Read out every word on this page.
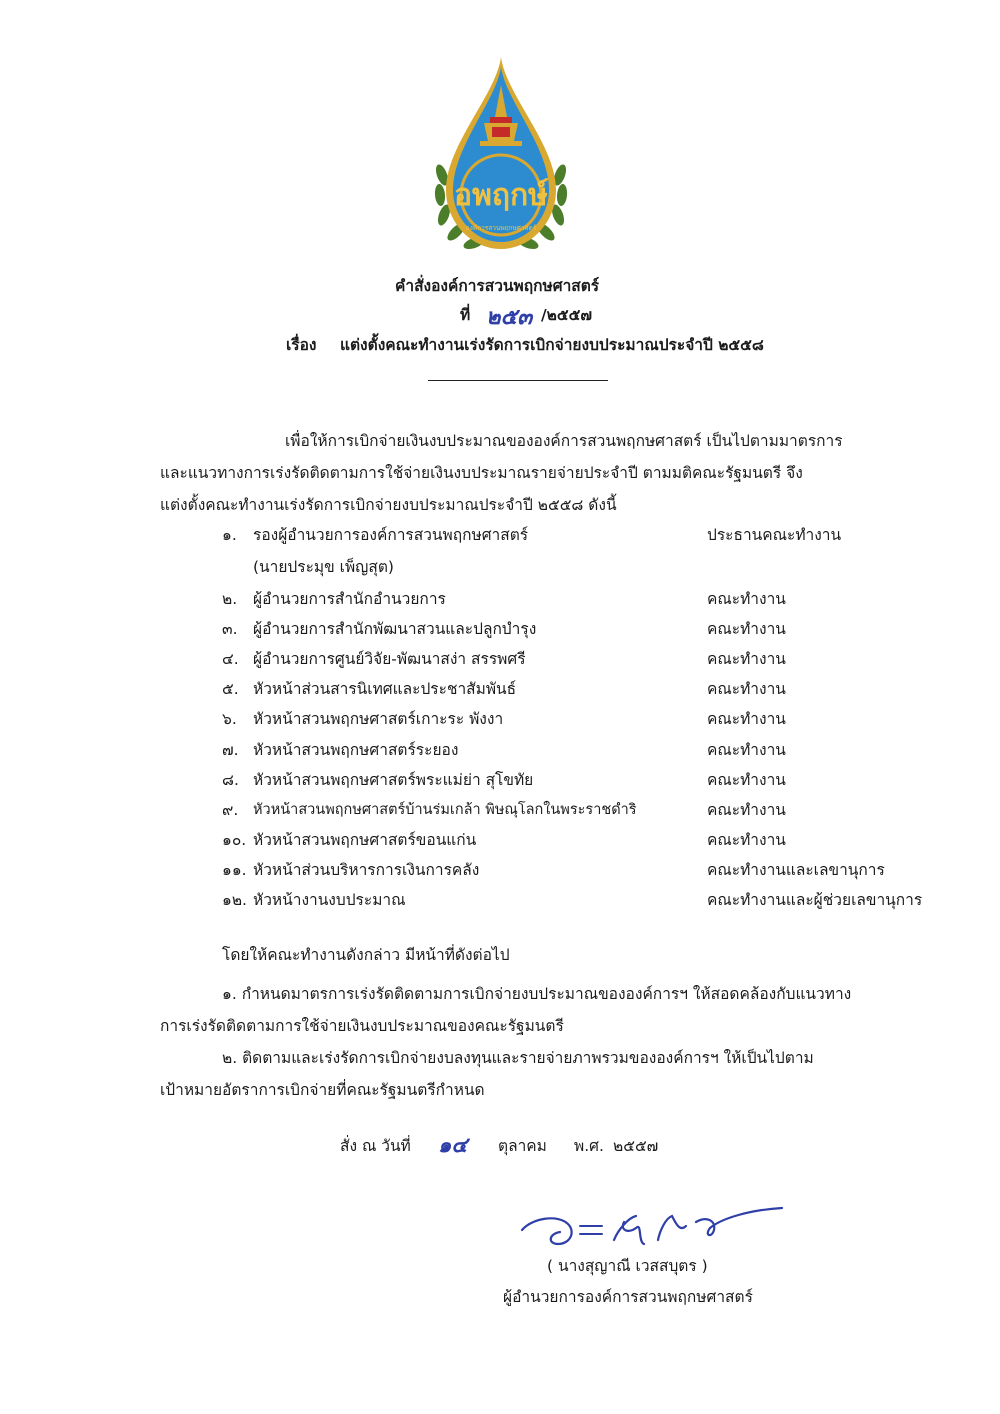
อพฤกษ์
องค์การสวนพฤกษศาสตร์
คำสั่งองค์การสวนพฤกษศาสตร์
ที่ ๒๕๓ /๒๕๕๗
เรื่อง แต่งตั้งคณะทำงานเร่งรัดการเบิกจ่ายงบประมาณประจำปี ๒๕๕๘
เพื่อให้การเบิกจ่ายเงินงบประมาณขององค์การสวนพฤกษศาสตร์ เป็นไปตามมาตรการ
และแนวทางการเร่งรัดติดตามการใช้จ่ายเงินงบประมาณรายจ่ายประจำปี ตามมติคณะรัฐมนตรี จึง
แต่งตั้งคณะทำงานเร่งรัดการเบิกจ่ายงบประมาณประจำปี ๒๕๕๘ ดังนี้
๑. รองผู้อำนวยการองค์การสวนพฤกษศาสตร์	ประธานคณะทำงาน
(นายประมุข เพ็ญสุต)
๒. ผู้อำนวยการสำนักอำนวยการ	คณะทำงาน
๓. ผู้อำนวยการสำนักพัฒนาสวนและปลูกบำรุง	คณะทำงาน
๔. ผู้อำนวยการศูนย์วิจัย-พัฒนาสง่า สรรพศรี	คณะทำงาน
๕. หัวหน้าส่วนสารนิเทศและประชาสัมพันธ์	คณะทำงาน
๖. หัวหน้าสวนพฤกษศาสตร์เกาะระ พังงา	คณะทำงาน
๗. หัวหน้าสวนพฤกษศาสตร์ระยอง	คณะทำงาน
๘. หัวหน้าสวนพฤกษศาสตร์พระแม่ย่า สุโขทัย	คณะทำงาน
๙. หัวหน้าสวนพฤกษศาสตร์บ้านร่มเกล้า พิษณุโลกในพระราชดำริ	คณะทำงาน
๑๐. หัวหน้าสวนพฤกษศาสตร์ขอนแก่น	คณะทำงาน
๑๑. หัวหน้าส่วนบริหารการเงินการคลัง	คณะทำงานและเลขานุการ
๑๒. หัวหน้างานงบประมาณ	คณะทำงานและผู้ช่วยเลขานุการ
โดยให้คณะทำงานดังกล่าว มีหน้าที่ดังต่อไป
๑. กำหนดมาตรการเร่งรัดติดตามการเบิกจ่ายงบประมาณขององค์การฯ ให้สอดคล้องกับแนวทาง
การเร่งรัดติดตามการใช้จ่ายเงินงบประมาณของคณะรัฐมนตรี
๒. ติดตามและเร่งรัดการเบิกจ่ายงบลงทุนและรายจ่ายภาพรวมขององค์การฯ ให้เป็นไปตาม
เป้าหมายอัตราการเบิกจ่ายที่คณะรัฐมนตรีกำหนด
สั่ง ณ วันที่ ๑๔ ตุลาคม พ.ศ. ๒๕๕๗
( นางสุญาณี เวสสบุตร )
ผู้อำนวยการองค์การสวนพฤกษศาสตร์
